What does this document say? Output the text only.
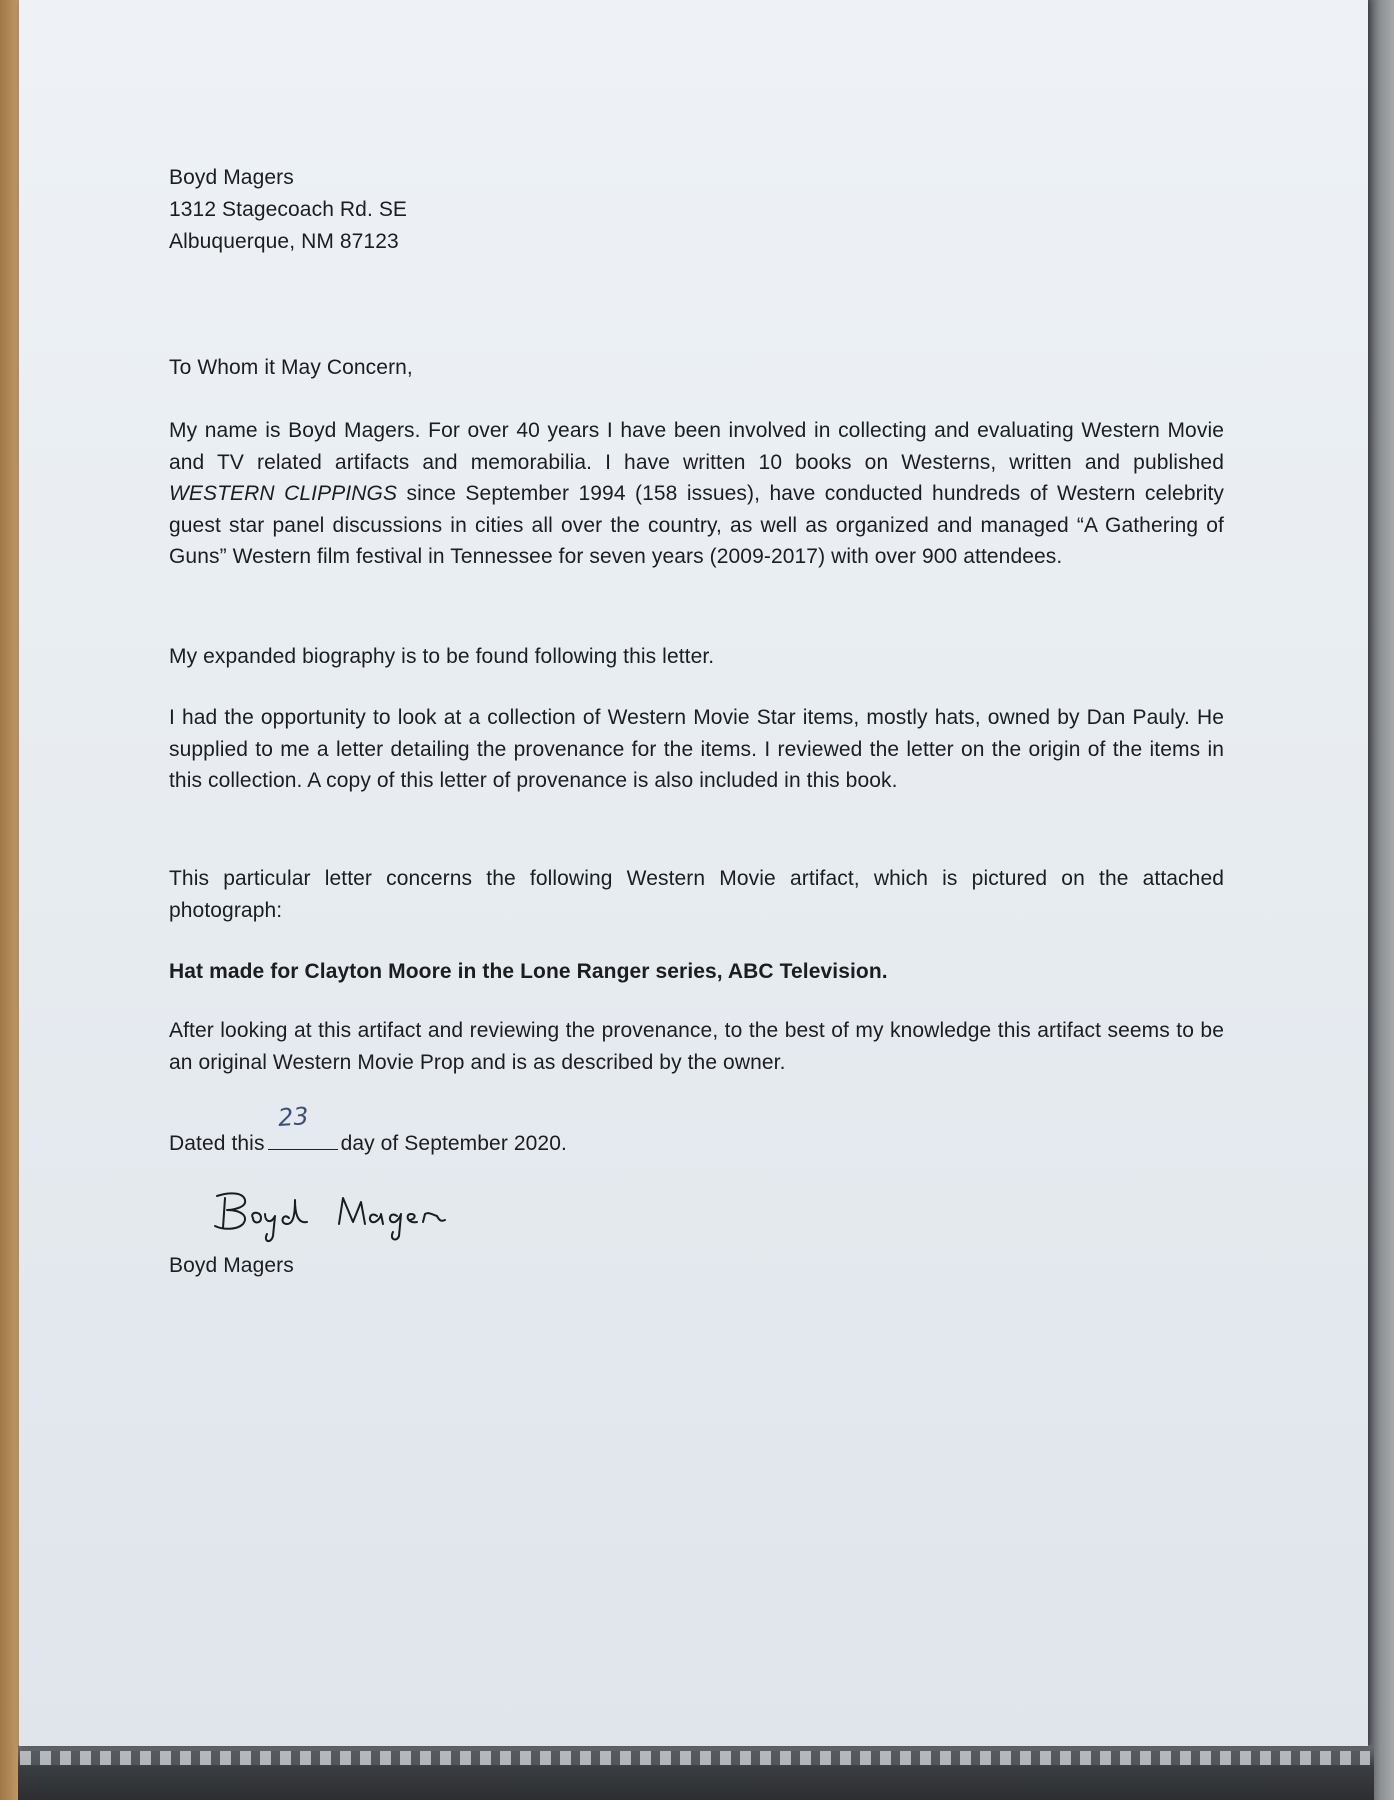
Boyd Magers
1312 Stagecoach Rd. SE
Albuquerque, NM 87123
To Whom it May Concern,
My name is Boyd Magers. For over 40 years I have been involved in collecting and evaluating Western Movie and TV related artifacts and memorabilia. I have written 10 books on Westerns, written and published WESTERN CLIPPINGS since September 1994 (158 issues), have conducted hundreds of Western celebrity guest star panel discussions in cities all over the country, as well as organized and managed “A Gathering of Guns” Western film festival in Tennessee for seven years (2009-2017) with over 900 attendees.
My expanded biography is to be found following this letter.
I had the opportunity to look at a collection of Western Movie Star items, mostly hats, owned by Dan Pauly. He supplied to me a letter detailing the provenance for the items. I reviewed the letter on the origin of the items in this collection. A copy of this letter of provenance is also included in this book.
This particular letter concerns the following Western Movie artifact, which is pictured on the attached photograph:
Hat made for Clayton Moore in the Lone Ranger series, ABC Television.
After looking at this artifact and reviewing the provenance, to the best of my knowledge this artifact seems to be an original Western Movie Prop and is as described by the owner.
Dated this
23
day of September 2020.
Boyd Magers
